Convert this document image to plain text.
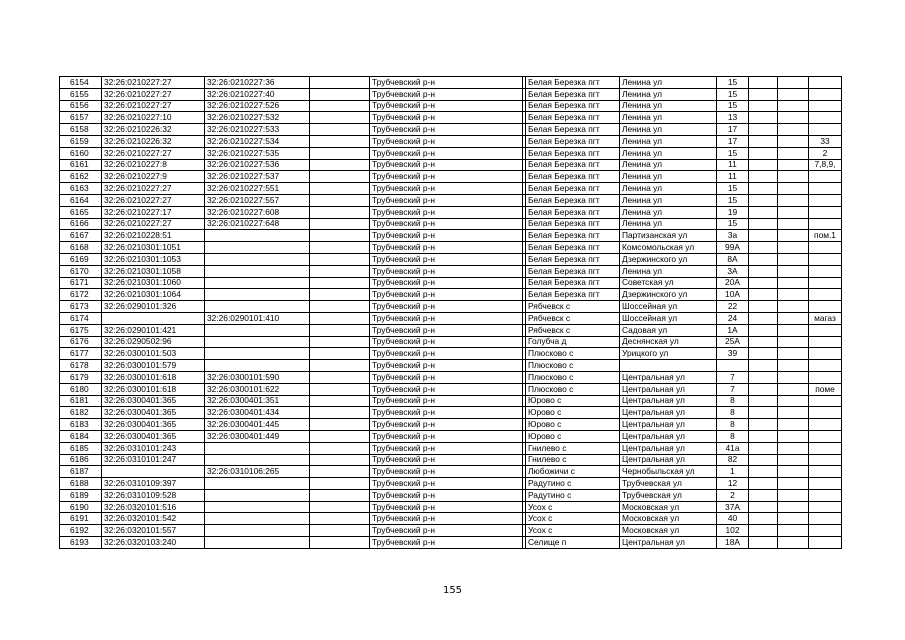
6154	32:26:0210227:27	32:26:0210227:36		Трубчевский р-н		Белая Березка пгт	Ленина ул	15			
6155	32:26:0210227:27	32:26:0210227:40		Трубчевский р-н		Белая Березка пгт	Ленина ул	15			
6156	32:26:0210227:27	32:26:0210227:526		Трубчевский р-н		Белая Березка пгт	Ленина ул	15			
6157	32:26:0210227:10	32:26:0210227:532		Трубчевский р-н		Белая Березка пгт	Ленина ул	13			
6158	32:26:0210226:32	32:26:0210227:533		Трубчевский р-н		Белая Березка пгт	Ленина ул	17			
6159	32:26:0210226:32	32:26:0210227:534		Трубчевский р-н		Белая Березка пгт	Ленина ул	17			33
6160	32:26:0210227:27	32:26:0210227:535		Трубчевский р-н		Белая Березка пгт	Ленина ул	15			2
6161	32:26:0210227:8	32:26:0210227:536		Трубчевский р-н		Белая Березка пгт	Ленина ул	11			7,8,9,
6162	32:26:0210227:9	32:26:0210227:537		Трубчевский р-н		Белая Березка пгт	Ленина ул	11			
6163	32:26:0210227:27	32:26:0210227:551		Трубчевский р-н		Белая Березка пгт	Ленина ул	15			
6164	32:26:0210227:27	32:26:0210227:557		Трубчевский р-н		Белая Березка пгт	Ленина ул	15			
6165	32:26:0210227:17	32:26:0210227:608		Трубчевский р-н		Белая Березка пгт	Ленина ул	19			
6166	32:26:0210227:27	32:26:0210227:648		Трубчевский р-н		Белая Березка пгт	Ленина ул	15			
6167	32:26:0210228:51			Трубчевский р-н		Белая Березка пгт	Партизанская ул	3а			пом.1
6168	32:26:0210301:1051			Трубчевский р-н		Белая Березка пгт	Комсомольская ул	99А			
6169	32:26:0210301:1053			Трубчевский р-н		Белая Березка пгт	Дзержинского ул	8А			
6170	32:26:0210301:1058			Трубчевский р-н		Белая Березка пгт	Ленина ул	3А			
6171	32:26:0210301:1060			Трубчевский р-н		Белая Березка пгт	Советская ул	20А			
6172	32:26:0210301:1064			Трубчевский р-н		Белая Березка пгт	Дзержинского ул	10А			
6173	32:26:0290101:326			Трубчевский р-н		Рябчевск с	Шоссейная ул	22			
6174		32:26:0290101:410		Трубчевский р-н		Рябчевск с	Шоссейная ул	24			магаз
6175	32:26:0290101:421			Трубчевский р-н		Рябчевск с	Садовая ул	1А			
6176	32:26:0290502:96			Трубчевский р-н		Голубча д	Деснянская ул	25А			
6177	32:26:0300101:503			Трубчевский р-н		Плюсково с	Урицкого ул	39			
6178	32:26:0300101:579			Трубчевский р-н		Плюсково с					
6179	32:26:0300101:618	32:26:0300101:590		Трубчевский р-н		Плюсково с	Центральная ул	7			
6180	32:26:0300101:618	32:26:0300101:622		Трубчевский р-н		Плюсково с	Центральная ул	7			поме
6181	32:26:0300401:365	32:26:0300401:351		Трубчевский р-н		Юрово с	Центральная ул	8			
6182	32:26:0300401:365	32:26:0300401:434		Трубчевский р-н		Юрово с	Центральная ул	8			
6183	32:26:0300401:365	32:26:0300401:445		Трубчевский р-н		Юрово с	Центральная ул	8			
6184	32:26:0300401:365	32:26:0300401:449		Трубчевский р-н		Юрово с	Центральная ул	8			
6185	32:26:0310101:243			Трубчевский р-н		Гнилево с	Центральная ул	41а			
6186	32:26:0310101:247			Трубчевский р-н		Гнилево с	Центральная ул	82			
6187		32:26:0310106:265		Трубчевский р-н		Любожичи с	Чернобыльская ул	1			
6188	32:26:0310109:397			Трубчевский р-н		Радутино с	Трубчевская ул	12			
6189	32:26:0310109:528			Трубчевский р-н		Радутино с	Трубчевская ул	2			
6190	32:26:0320101:516			Трубчевский р-н		Усох с	Московская ул	37А			
6191	32:26:0320101:542			Трубчевский р-н		Усох с	Московская ул	40			
6192	32:26:0320101:557			Трубчевский р-н		Усох с	Московская ул	102			
6193	32:26:0320103:240			Трубчевский р-н		Селище п	Центральная ул	18А			
155
